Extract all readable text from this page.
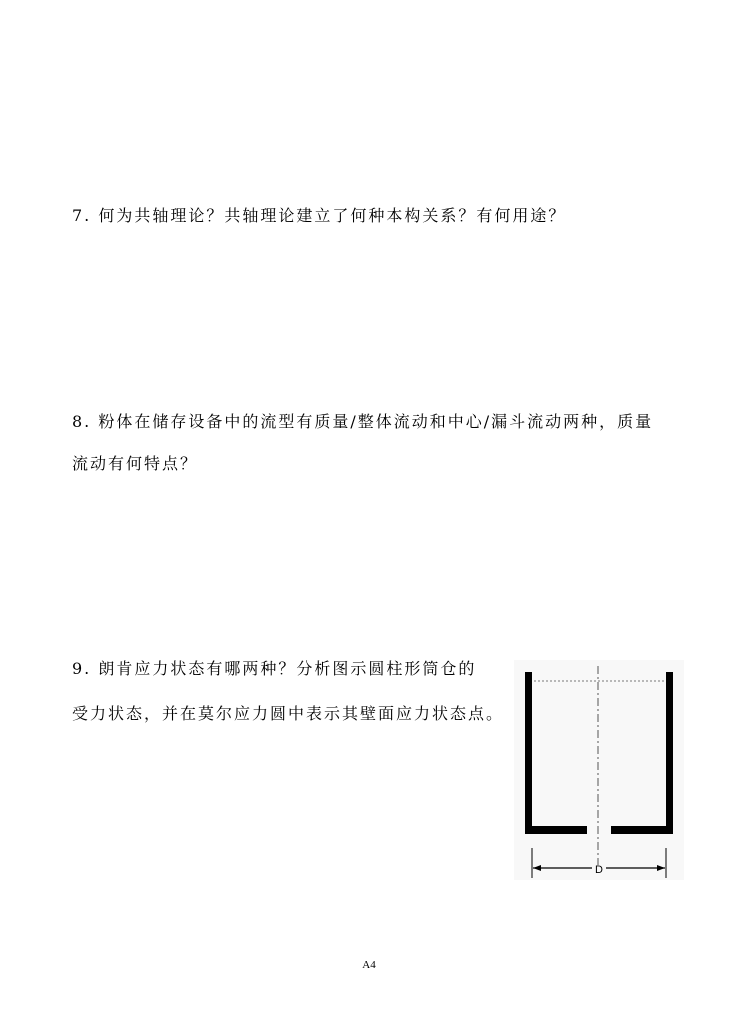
7. 何为共轴理论？共轴理论建立了何种本构关系？有何用途？
8. 粉体在储存设备中的流型有质量/整体流动和中心/漏斗流动两种，质量
流动有何特点？
9. 朗肯应力状态有哪两种？分析图示圆柱形筒仓的
受力状态，并在莫尔应力圆中表示其壁面应力状态点。
D
A4
